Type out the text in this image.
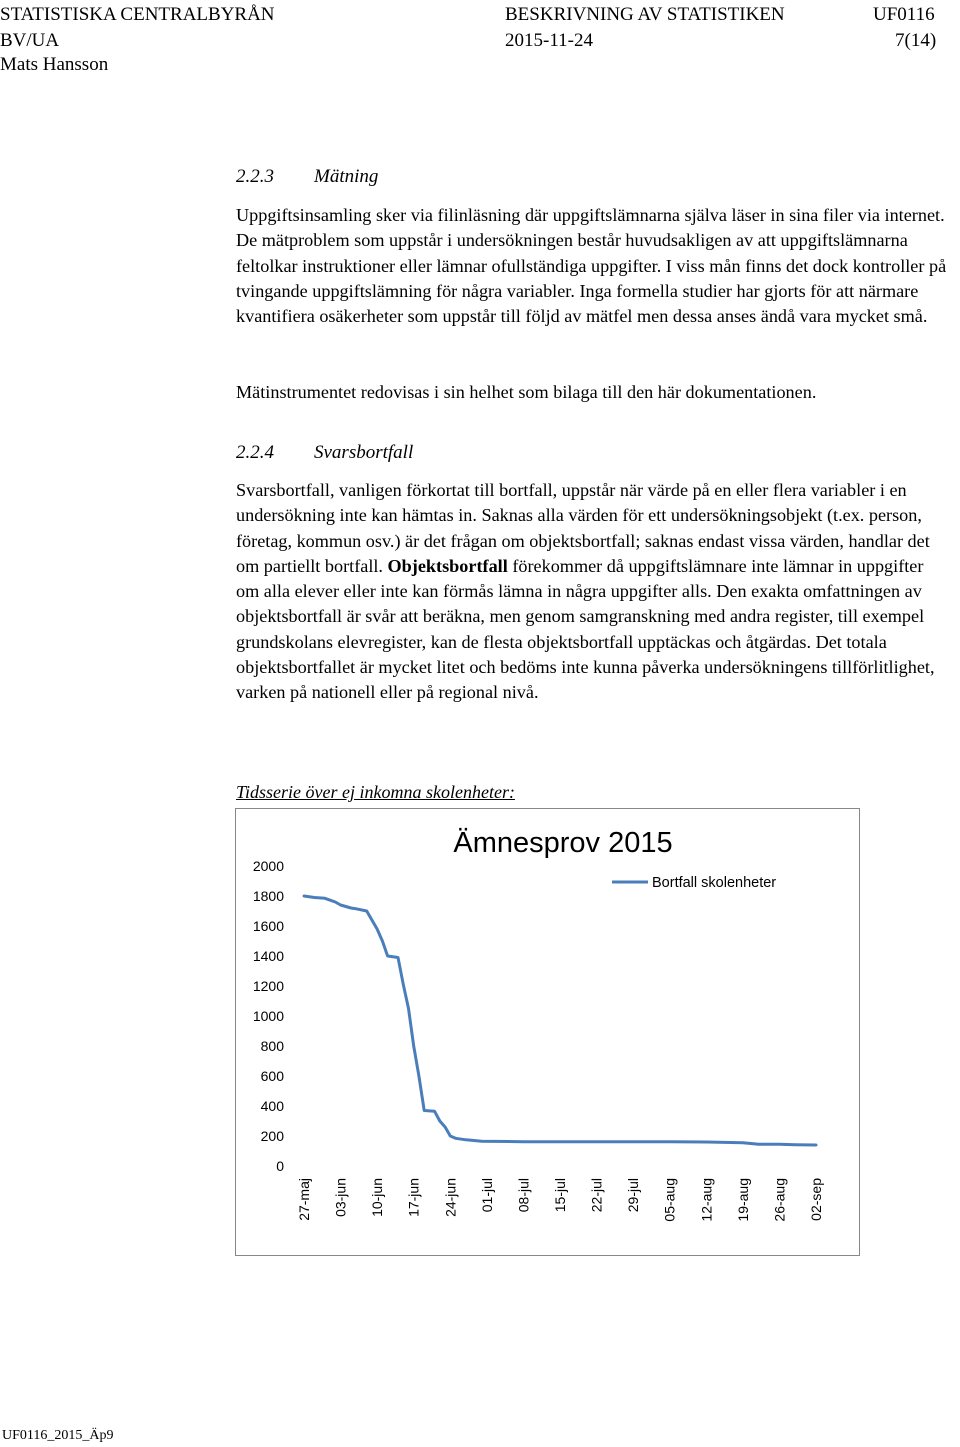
STATISTISKA CENTRALBYRÅN	BESKRIVNING AV STATISTIKEN	UF0116
BV/UA	2015-11-24	7(14)
Mats Hansson
2.2.3 Mätning

Uppgiftsinsamling sker via filinläsning där uppgiftslämnarna själva läser in sina filer via internet. De mätproblem som uppstår i undersökningen består huvudsakligen av att uppgiftslämnarna feltolkar instruktioner eller lämnar ofullständiga uppgifter. I viss mån finns det dock kontroller på tvingande uppgiftslämning för några variabler. Inga formella studier har gjorts för att närmare kvantifiera osäkerheter som uppstår till följd av mätfel men dessa anses ändå vara mycket små.

Mätinstrumentet redovisas i sin helhet som bilaga till den här dokumentationen.

2.2.4 Svarsbortfall

Svarsbortfall, vanligen förkortat till bortfall, uppstår när värde på en eller flera variabler i en undersökning inte kan hämtas in. Saknas alla värden för ett undersökningsobjekt (t.ex. person, företag, kommun osv.) är det frågan om objektsbortfall; saknas endast vissa värden, handlar det om partiellt bortfall. Objektsbortfall förekommer då uppgiftslämnare inte lämnar in uppgifter om alla elever eller inte kan förmås lämna in några uppgifter alls. Den exakta omfattningen av objektsbortfall är svår att beräkna, men genom samgranskning med andra register, till exempel grundskolans elevregister, kan de flesta objektsbortfall upptäckas och åtgärdas. Det totala objektsbortfallet är mycket litet och bedöms inte kunna påverka undersökningens tillförlitlighet, varken på nationell eller på regional nivå.

Tidsserie över ej inkomna skolenheter:
Ämnesprov 2015
0
200
400
600
800
1000
1200
1400
1600
1800
2000
27-maj 03-jun 10-jun 17-jun 24-jun 01-jul 08-jul 15-jul 22-jul 29-jul 05-aug 12-aug 19-aug 26-aug 02-sep
Bortfall skolenheter
UF0116_2015_Äp9
